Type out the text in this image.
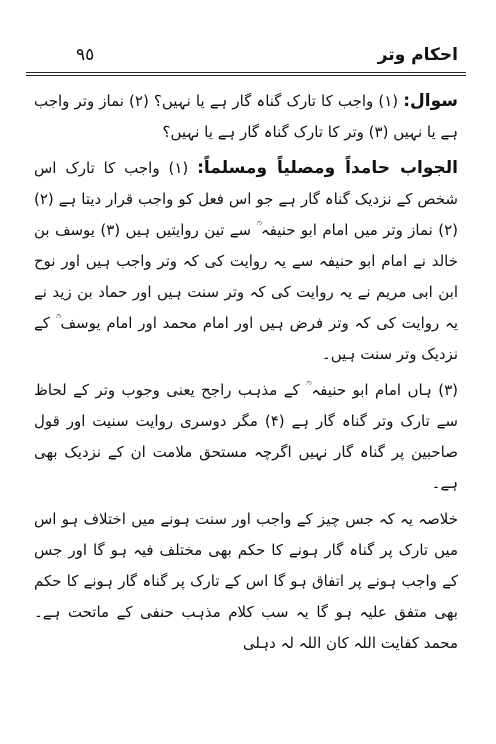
٩٥	احکام وتر

سوال: (۱) واجب کا تارک گناہ گار ہے یا نہیں؟ (۲) نماز وتر واجب ہے یا نہیں (۳) وتر کا تارک گناہ گار ہے یا نہیں؟

الجواب حامداً ومصلیاً ومسلماً: (۱) واجب کا تارک اس شخص کے نزدیک گناہ گار ہے جو اس فعل کو واجب قرار دیتا ہے (۲) (۲) نماز وتر میں امام ابو حنیفہ ؒ سے تین روایتیں ہیں (۳) یوسف بن خالد نے امام ابو حنیفہ سے یہ روایت کی کہ وتر واجب ہیں اور نوح ابن ابی مریم نے یہ روایت کی کہ وتر سنت ہیں اور حماد بن زید نے یہ روایت کی کہ وتر فرض ہیں اور امام محمد اور امام یوسف ؒ کے نزدیک وتر سنت ہیں۔

(۳) ہاں امام ابو حنیفہ ؒ کے مذہب راجح یعنی وجوب وتر کے لحاظ سے تارک وتر گناہ گار ہے (۴) مگر دوسری روایت سنیت اور قول صاحبین پر گناہ گار نہیں اگرچہ مستحق ملامت ان کے نزدیک بھی ہے۔

خلاصہ یہ کہ جس چیز کے واجب اور سنت ہونے میں اختلاف ہو اس میں تارک پر گناہ گار ہونے کا حکم بھی مختلف فیہ ہو گا اور جس کے واجب ہونے پر اتفاق ہو گا اس کے تارک پر گناہ گار ہونے کا حکم بھی متفق علیہ ہو گا یہ سب کلام مذہب حنفی کے ماتحت ہے۔ محمد کفایت اللہ کان اللہ لہ دہلی
